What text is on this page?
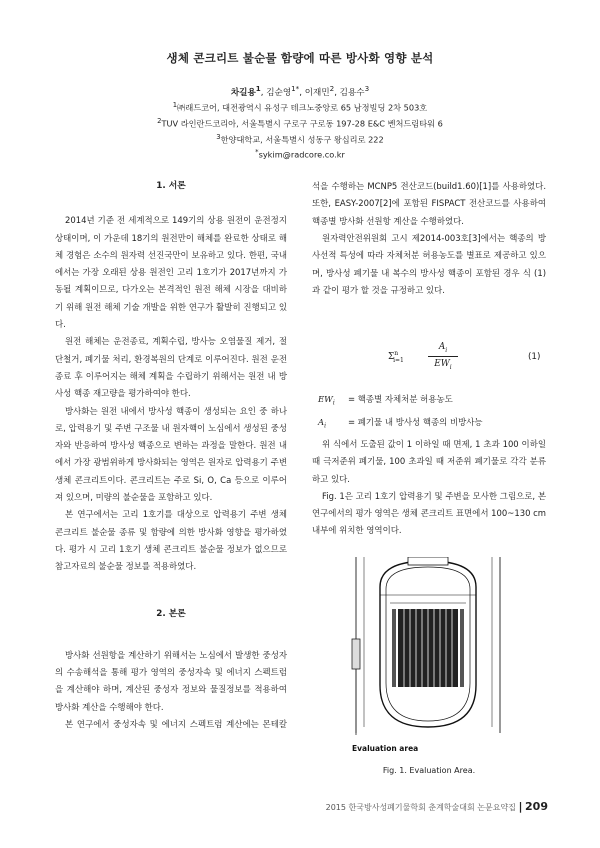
생체 콘크리트 불순물 함량에 따른 방사화 영향 분석
차길용$^1$, 김순영$^{1*}$, 이재민$^2$, 김용수$^3$
$^1$㈜래드코어, 대전광역시 유성구 테크노중앙로 65 남정빌딩 2차 503호
$^2$TUV 라인란드코리아, 서울특별시 구로구 구로동 197-28 E&C 벤처드림타워 6
$^3$한양대학교, 서울특별시 성동구 왕십리로 222
*sykim@radcore.co.kr
1. 서론

2014년 기준 전 세계적으로 149기의 상용 원전이 운전정지 상태이며, 이 가운데 18기의 원전만이 해체를 완료한 상태로 해체 경험은 소수의 원자력 선진국만이 보유하고 있다. 한편, 국내에서는 가장 오래된 상용 원전인 고리 1호기가 2017년까지 가동될 계획이므로, 다가오는 본격적인 원전 해체 시장을 대비하기 위해 원전 해체 기술 개발을 위한 연구가 활발히 진행되고 있다.

원전 해체는 운전종료, 계획수립, 방사능 오염물질 제거, 절단철거, 폐기물 처리, 환경복원의 단계로 이루어진다. 원전 운전종료 후 이루어지는 해체 계획을 수립하기 위해서는 원전 내 방사성 핵종 재고량을 평가하여야 한다.

방사화는 원전 내에서 방사성 핵종이 생성되는 요인 중 하나로, 압력용기 및 주변 구조물 내 원자핵이 노심에서 생성된 중성자와 반응하여 방사성 핵종으로 변하는 과정을 말한다. 원전 내에서 가장 광범위하게 방사화되는 영역은 원자로 압력용기 주변 생체 콘크리트이다. 콘크리트는 주로 Si, O, Ca 등으로 이루어져 있으며, 미량의 불순물을 포함하고 있다.

본 연구에서는 고리 1호기를 대상으로 압력용기 주변 생체 콘크리트 불순물 종류 및 함량에 의한 방사화 영향을 평가하였다. 평가 시 고리 1호기 생체 콘크리트 불순물 정보가 없으므로 참고자료의 불순물 정보를 적용하였다.

2. 본론

방사화 선원항을 계산하기 위해서는 노심에서 발생한 중성자의 수송해석을 통해 평가 영역의 중성자속 및 에너지 스펙트럼을 계산해야 하며, 계산된 중성자 정보와 물질정보를 적용하여 방사화 계산을 수행해야 한다.

본 연구에서 중성자속 및 에너지 스펙트럼 계산에는 몬테칼

석을 수행하는 MCNP5 전산코드(build1.60)[1]를 사용하였다. 또한, EASY-2007[2]에 포함된 FISPACT 전산코드를 사용하여 핵종별 방사화 선원항 계산을 수행하였다.

원자력안전위원회 고시 제2014-003호[3]에서는 핵종의 방사선적 특성에 따라 자체처분 허용농도를 별표로 제공하고 있으며, 방사성 폐기물 내 복수의 방사성 핵종이 포함된 경우 식 (1)과 같이 평가 할 것을 규정하고 있다.

$\Sigma^n_{i=1}$
$A_i$
$EW_i$
(1)
$EW_i$ = 핵종별 자체처분 허용농도
$A_i$	= 폐기물 내 방사성 핵종의 비방사능

위 식에서 도출된 값이 1 이하일 때 면제, 1 초과 100 이하일 때 극저준위 폐기물, 100 초과일 때 저준위 폐기물로 각각 분류하고 있다.

Fig. 1은 고리 1호기 압력용기 및 주변을 모사한 그림으로, 본 연구에서의 평가 영역은 생체 콘크리트 표면에서 100~130 cm 내부에 위치한 영역이다.

Evaluation area
Fig. 1. Evaluation Area.
2015 한국방사성폐기물학회 춘계학술대회 논문요약집 | 209
